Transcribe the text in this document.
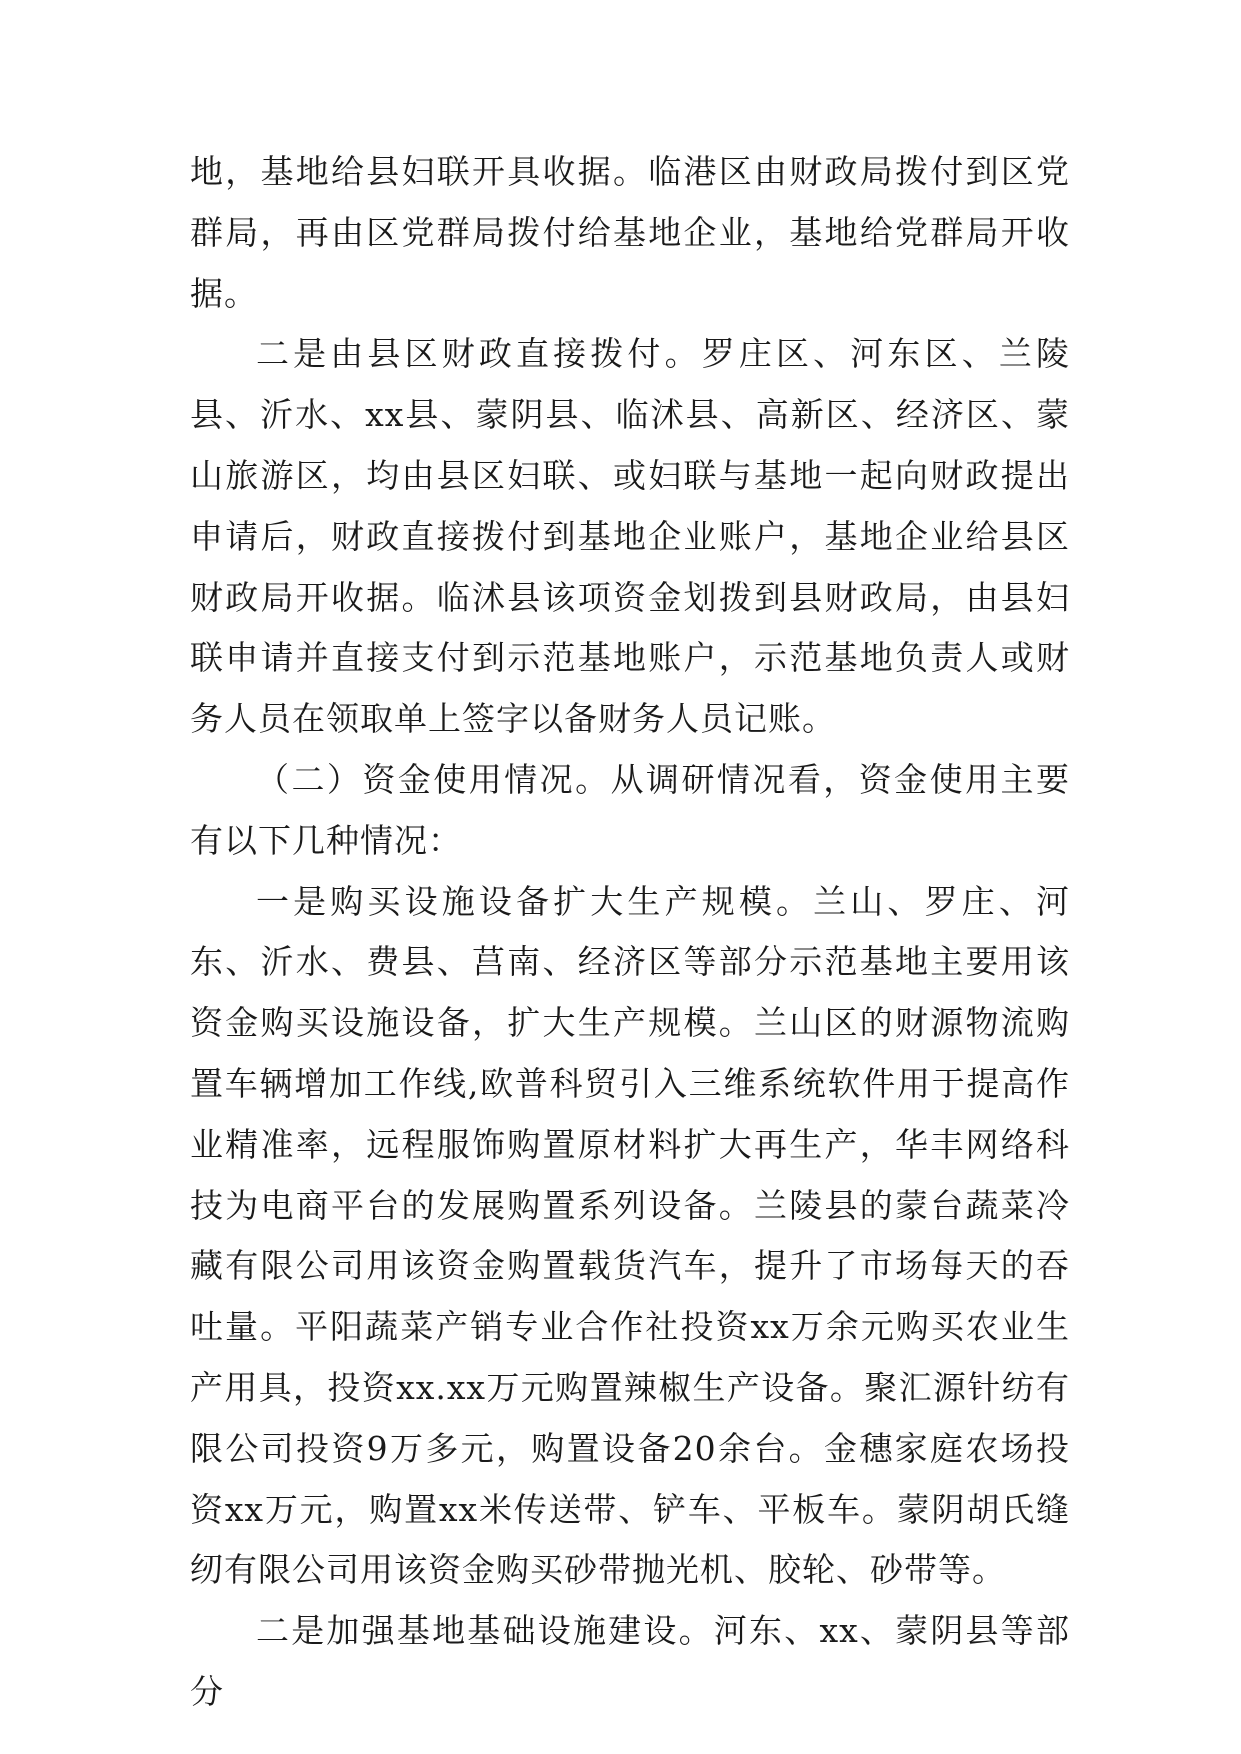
地，基地给县妇联开具收据。临港区由财政局拨付到区党群局，再由区党群局拨付给基地企业，基地给党群局开收据。

二是由县区财政直接拨付。罗庄区、河东区、兰陵县、沂水、xx县、蒙阴县、临沭县、高新区、经济区、蒙山旅游区，均由县区妇联、或妇联与基地一起向财政提出申请后，财政直接拨付到基地企业账户，基地企业给县区财政局开收据。临沭县该项资金划拨到县财政局，由县妇联申请并直接支付到示范基地账户，示范基地负责人或财务人员在领取单上签字以备财务人员记账。

（二）资金使用情况。从调研情况看，资金使用主要有以下几种情况：

一是购买设施设备扩大生产规模。兰山、罗庄、河东、沂水、费县、莒南、经济区等部分示范基地主要用该资金购买设施设备，扩大生产规模。兰山区的财源物流购置车辆增加工作线,欧普科贸引入三维系统软件用于提高作业精准率，远程服饰购置原材料扩大再生产，华丰网络科技为电商平台的发展购置系列设备。兰陵县的蒙台蔬菜冷藏有限公司用该资金购置载货汽车，提升了市场每天的吞吐量。平阳蔬菜产销专业合作社投资xx万余元购买农业生产用具，投资xx.xx万元购置辣椒生产设备。聚汇源针纺有限公司投资9万多元，购置设备20余台。金穗家庭农场投资xx万元，购置xx米传送带、铲车、平板车。蒙阴胡氏缝纫有限公司用该资金购买砂带抛光机、胶轮、砂带等。

二是加强基地基础设施建设。河东、xx、蒙阴县等部分
